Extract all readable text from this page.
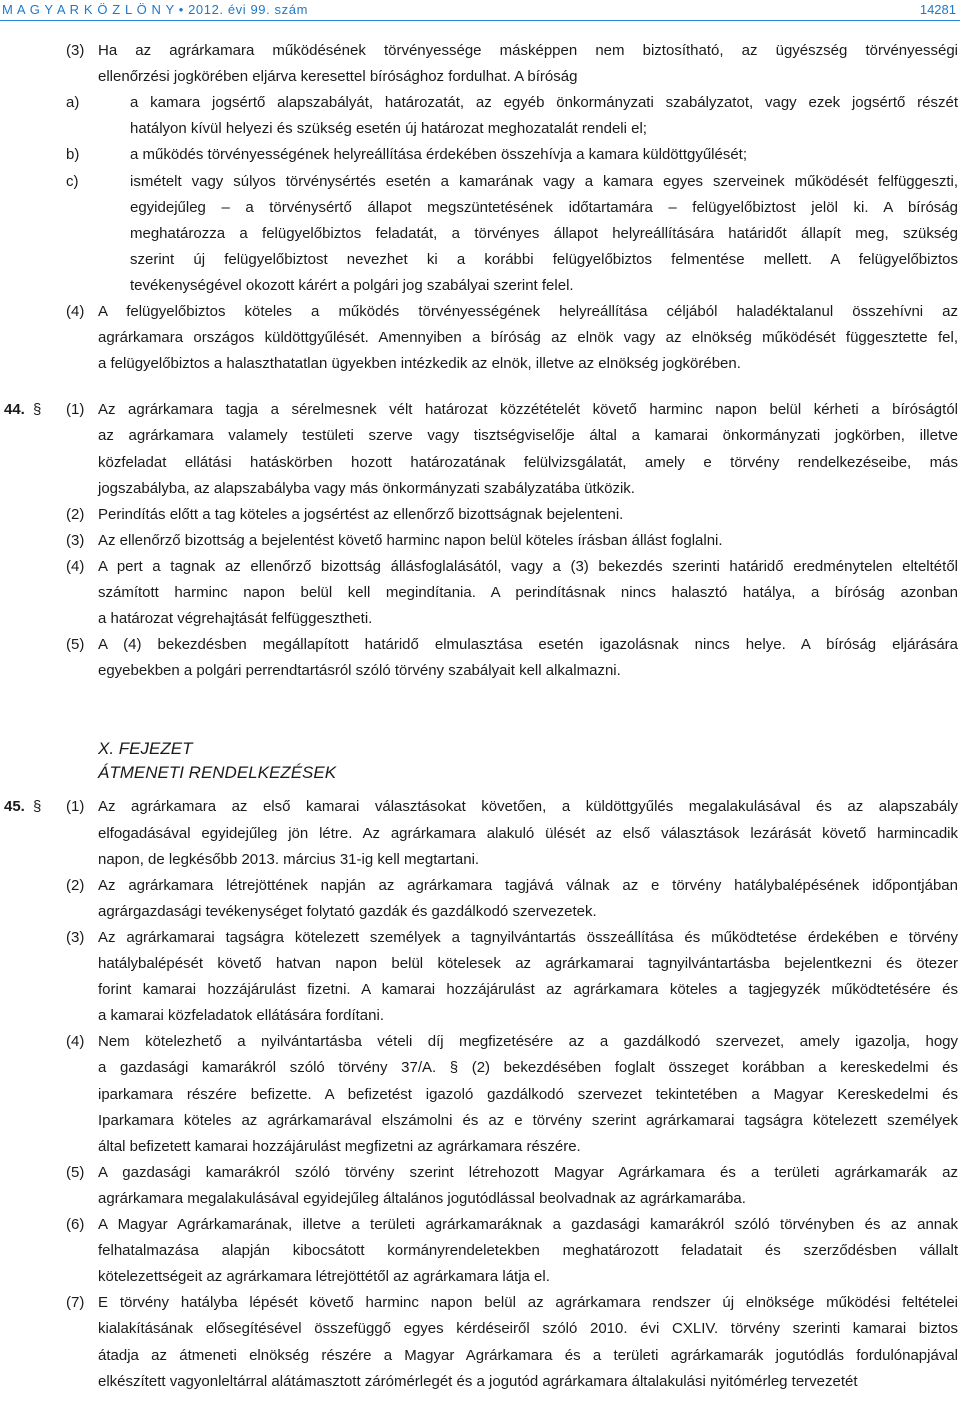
M A G Y A R K Ö Z L Ö N Y • 2012. évi 99. szám	14281
(3) Ha az agrárkamara működésének törvényessége másképpen nem biztosítható, az ügyészség törvényességi
ellenőrzési jogkörében eljárva keresettel bírósághoz fordulhat. A bíróság
a)	a kamara jogsértő alapszabályát, határozatát, az egyéb önkormányzati szabályzatot, vagy ezek jogsértő részét
hatályon kívül helyezi és szükség esetén új határozat meghozatalát rendeli el;
b)	a működés törvényességének helyreállítása érdekében összehívja a kamara küldöttgyűlését;
c)	ismételt vagy súlyos törvénysértés esetén a kamarának vagy a kamara egyes szerveinek működését felfüggeszti,
egyidejűleg – a törvénysértő állapot megszüntetésének időtartamára – felügyelőbiztost jelöl ki. A bíróság
meghatározza a felügyelőbiztos feladatát, a törvényes állapot helyreállítására határidőt állapít meg, szükség
szerint új felügyelőbiztost nevezhet ki a korábbi felügyelőbiztos felmentése mellett. A felügyelőbiztos
tevékenységével okozott kárért a polgári jog szabályai szerint felel.
(4) A felügyelőbiztos köteles a működés törvényességének helyreállítása céljából haladéktalanul összehívni az
agrárkamara országos küldöttgyűlését. Amennyiben a bíróság az elnök vagy az elnökség működését függesztette fel,
a felügyelőbiztos a halaszthatatlan ügyekben intézkedik az elnök, illetve az elnökség jogkörében.
44. § (1) Az agrárkamara tagja a sérelmesnek vélt határozat közzétételét követő harminc napon belül kérheti a bíróságtól
az agrárkamara valamely testületi szerve vagy tisztségviselője által a kamarai önkormányzati jogkörben, illetve
közfeladat ellátási hatáskörben hozott határozatának felülvizsgálatát, amely e törvény rendelkezéseibe, más
jogszabályba, az alapszabályba vagy más önkormányzati szabályzatába ütközik.
(2) Perindítás előtt a tag köteles a jogsértést az ellenőrző bizottságnak bejelenteni.
(3) Az ellenőrző bizottság a bejelentést követő harminc napon belül köteles írásban állást foglalni.
(4) A pert a tagnak az ellenőrző bizottság állásfoglalásától, vagy a (3) bekezdés szerinti határidő eredménytelen elteltétől
számított harminc napon belül kell megindítania. A perindításnak nincs halasztó hatálya, a bíróság azonban
a határozat végrehajtását felfüggesztheti.
(5) A (4) bekezdésben megállapított határidő elmulasztása esetén igazolásnak nincs helye. A bíróság eljárására
egyebekben a polgári perrendtartásról szóló törvény szabályait kell alkalmazni.
X. FEJEZET
ÁTMENETI RENDELKEZÉSEK
45. § (1) Az agrárkamara az első kamarai választásokat követően, a küldöttgyűlés megalakulásával és az alapszabály
elfogadásával egyidejűleg jön létre. Az agrárkamara alakuló ülését az első választások lezárását követő harmincadik
napon, de legkésőbb 2013. március 31-ig kell megtartani.
(2) Az agrárkamara létrejöttének napján az agrárkamara tagjává válnak az e törvény hatálybalépésének időpontjában
agrárgazdasági tevékenységet folytató gazdák és gazdálkodó szervezetek.
(3) Az agrárkamarai tagságra kötelezett személyek a tagnyilvántartás összeállítása és működtetése érdekében e törvény
hatálybalépését követő hatvan napon belül kötelesek az agrárkamarai tagnyilvántartásba bejelentkezni és ötezer
forint kamarai hozzájárulást fizetni. A kamarai hozzájárulást az agrárkamara köteles a tagjegyzék működtetésére és
a kamarai közfeladatok ellátására fordítani.
(4) Nem kötelezhető a nyilvántartásba vételi díj megfizetésére az a gazdálkodó szervezet, amely igazolja, hogy
a gazdasági kamarákról szóló törvény 37/A. § (2) bekezdésében foglalt összeget korábban a kereskedelmi és
iparkamara részére befizette. A befizetést igazoló gazdálkodó szervezet tekintetében a Magyar Kereskedelmi és
Iparkamara köteles az agrárkamarával elszámolni és az e törvény szerint agrárkamarai tagságra kötelezett személyek
által befizetett kamarai hozzájárulást megfizetni az agrárkamara részére.
(5) A gazdasági kamarákról szóló törvény szerint létrehozott Magyar Agrárkamara és a területi agrárkamarák az
agrárkamara megalakulásával egyidejűleg általános jogutódlással beolvadnak az agrárkamarába.
(6) A Magyar Agrárkamarának, illetve a területi agrárkamaráknak a gazdasági kamarákról szóló törvényben és az annak
felhatalmazása alapján kibocsátott kormányrendeletekben meghatározott feladatait és szerződésben vállalt
kötelezettségeit az agrárkamara létrejöttétől az agrárkamara látja el.
(7) E törvény hatályba lépését követő harminc napon belül az agrárkamara rendszer új elnöksége működési feltételei
kialakításának elősegítésével összefüggő egyes kérdéseiről szóló 2010. évi CXLIV. törvény szerinti kamarai biztos
átadja az átmeneti elnökség részére a Magyar Agrárkamara és a területi agrárkamarák jogutódlás fordulónapjával
elkészített vagyonleltárral alátámasztott zárómérlegét és a jogutód agrárkamara általakulási nyitómérleg tervezetét
